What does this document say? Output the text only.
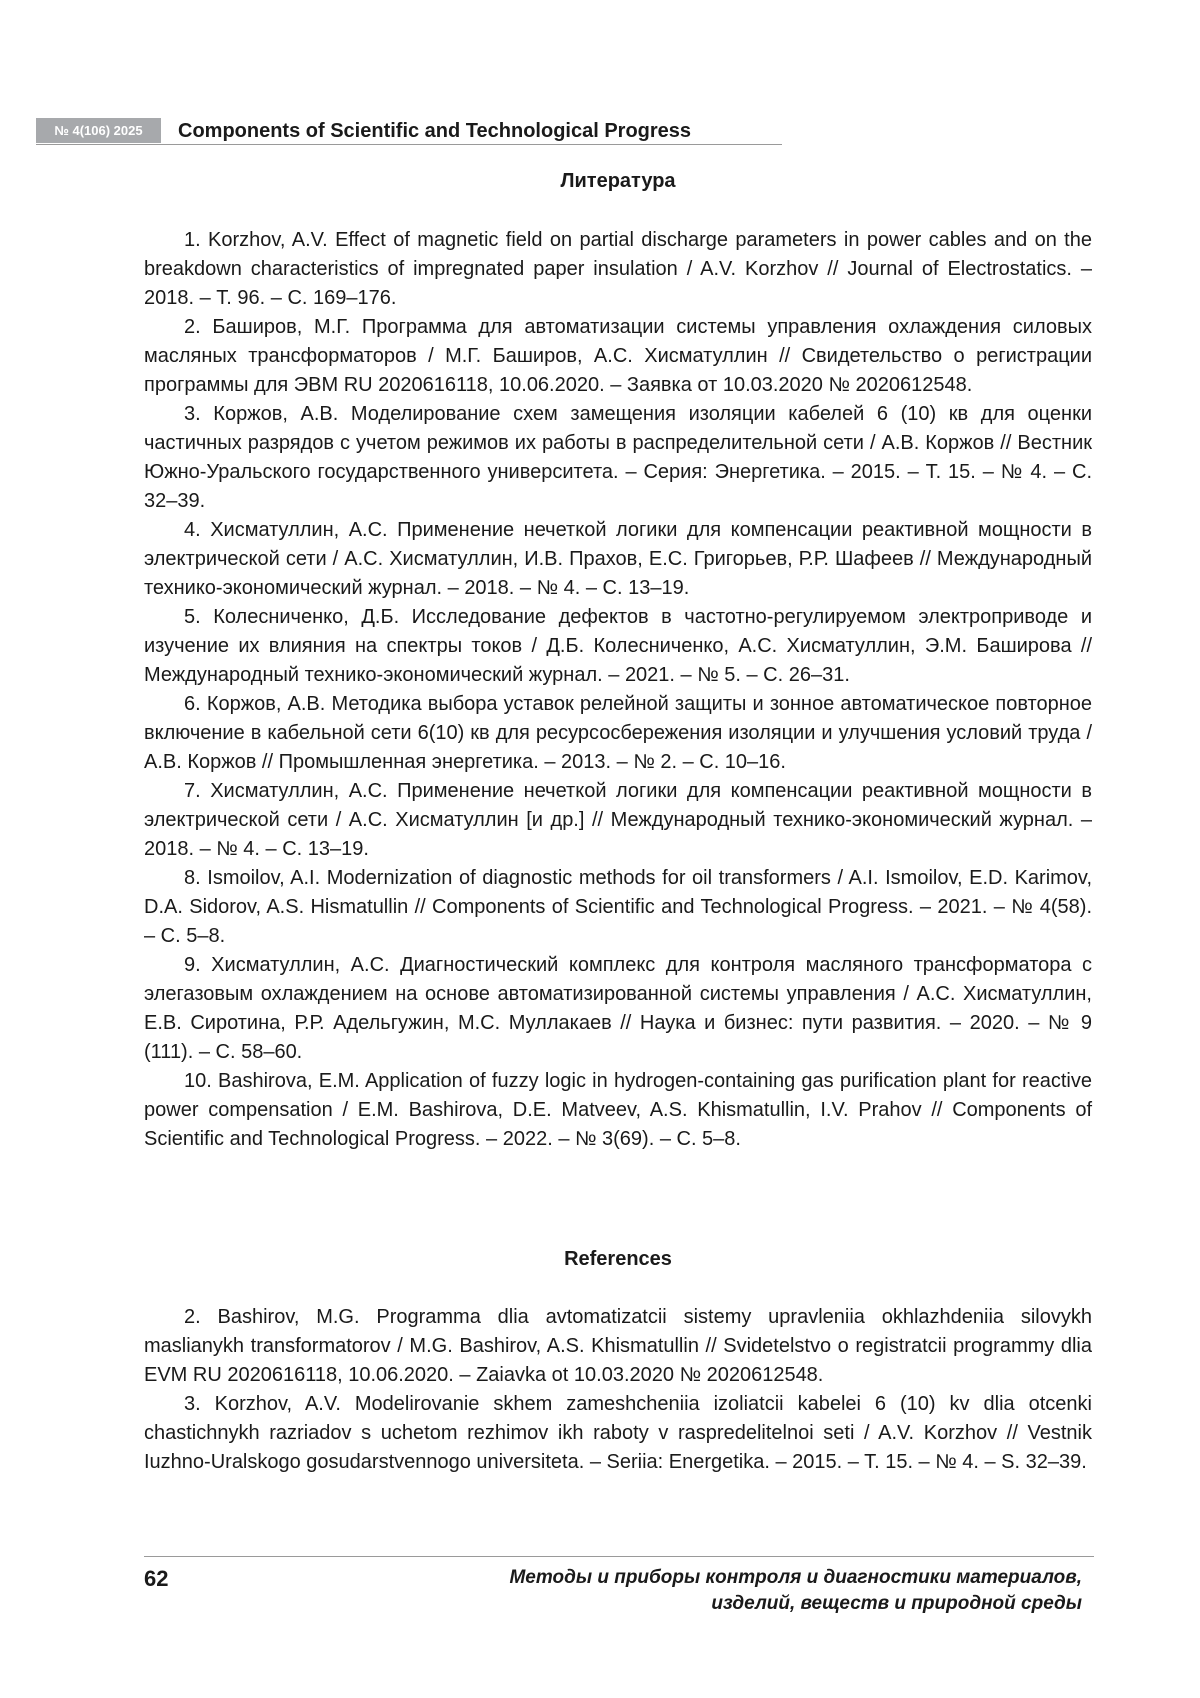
№ 4(106) 2025	Components of Scientific and Technological Progress
Литература

1. Korzhov, A.V. Effect of magnetic field on partial discharge parameters in power cables and on the breakdown characteristics of impregnated paper insulation / A.V. Korzhov // Journal of Electrostatics. – 2018. – Т. 96. – С. 169–176.

2. Баширов, М.Г. Программа для автоматизации системы управления охлаждения силовых масляных трансформаторов / М.Г. Баширов, А.С. Хисматуллин // Свидетельство о регистрации программы для ЭВМ RU 2020616118, 10.06.2020. – Заявка от 10.03.2020 № 2020612548.

3. Коржов, А.В. Моделирование схем замещения изоляции кабелей 6 (10) кв для оценки частичных разрядов с учетом режимов их работы в распределительной сети / А.В. Коржов // Вестник Южно-Уральского государственного университета. – Серия: Энергетика. – 2015. – Т. 15. – № 4. – С. 32–39.

4. Хисматуллин, А.С. Применение нечеткой логики для компенсации реактивной мощности в электрической сети / А.С. Хисматуллин, И.В. Прахов, Е.С. Григорьев, Р.Р. Шафеев // Международный технико-экономический журнал. – 2018. – № 4. – С. 13–19.

5. Колесниченко, Д.Б. Исследование дефектов в частотно-регулируемом электроприводе и изучение их влияния на спектры токов / Д.Б. Колесниченко, А.С. Хисматуллин, Э.М. Баширова // Международный технико-экономический журнал. – 2021. – № 5. – С. 26–31.

6. Коржов, А.В. Методика выбора уставок релейной защиты и зонное автоматическое повторное включение в кабельной сети 6(10) кв для ресурсосбережения изоляции и улучшения условий труда / А.В. Коржов // Промышленная энергетика. – 2013. – № 2. – С. 10–16.

7. Хисматуллин, А.С. Применение нечеткой логики для компенсации реактивной мощности в электрической сети / А.С. Хисматуллин [и др.] // Международный технико-экономический журнал. – 2018. – № 4. – С. 13–19.

8. Ismoilov, A.I. Modernization of diagnostic methods for oil transformers / A.I. Ismoilov, E.D. Karimov, D.A. Sidorov, A.S. Hismatullin // Components of Scientific and Technological Progress. – 2021. – № 4(58). – С. 5–8.

9. Хисматуллин, А.С. Диагностический комплекс для контроля масляного трансформатора с элегазовым охлаждением на основе автоматизированной системы управления / А.С. Хисматуллин, Е.В. Сиротина, Р.Р. Адельгужин, М.С. Муллакаев // Наука и бизнес: пути развития. – 2020. – № 9 (111). – С. 58–60.

10. Bashirova, E.M. Application of fuzzy logic in hydrogen-containing gas purification plant for reactive power compensation / E.M. Bashirova, D.E. Matveev, A.S. Khismatullin, I.V. Prahov // Components of Scientific and Technological Progress. – 2022. – № 3(69). – С. 5–8.

References

2. Bashirov, M.G. Programma dlia avtomatizatcii sistemy upravleniia okhlazhdeniia silovykh maslianykh transformatorov / M.G. Bashirov, A.S. Khismatullin // Svidetelstvo o registratcii programmy dlia EVM RU 2020616118, 10.06.2020. – Zaiavka ot 10.03.2020 № 2020612548.

3. Korzhov, A.V. Modelirovanie skhem zameshcheniia izoliatcii kabelei 6 (10) kv dlia otcenki chastichnykh razriadov s uchetom rezhimov ikh raboty v raspredelitelnoi seti / A.V. Korzhov // Vestnik Iuzhno-Uralskogo gosudarstvennogo universiteta. – Seriia: Energetika. – 2015. – T. 15. – № 4. – S. 32–39.

62	Методы и приборы контроля и диагностики материалов,
изделий, веществ и природной среды
